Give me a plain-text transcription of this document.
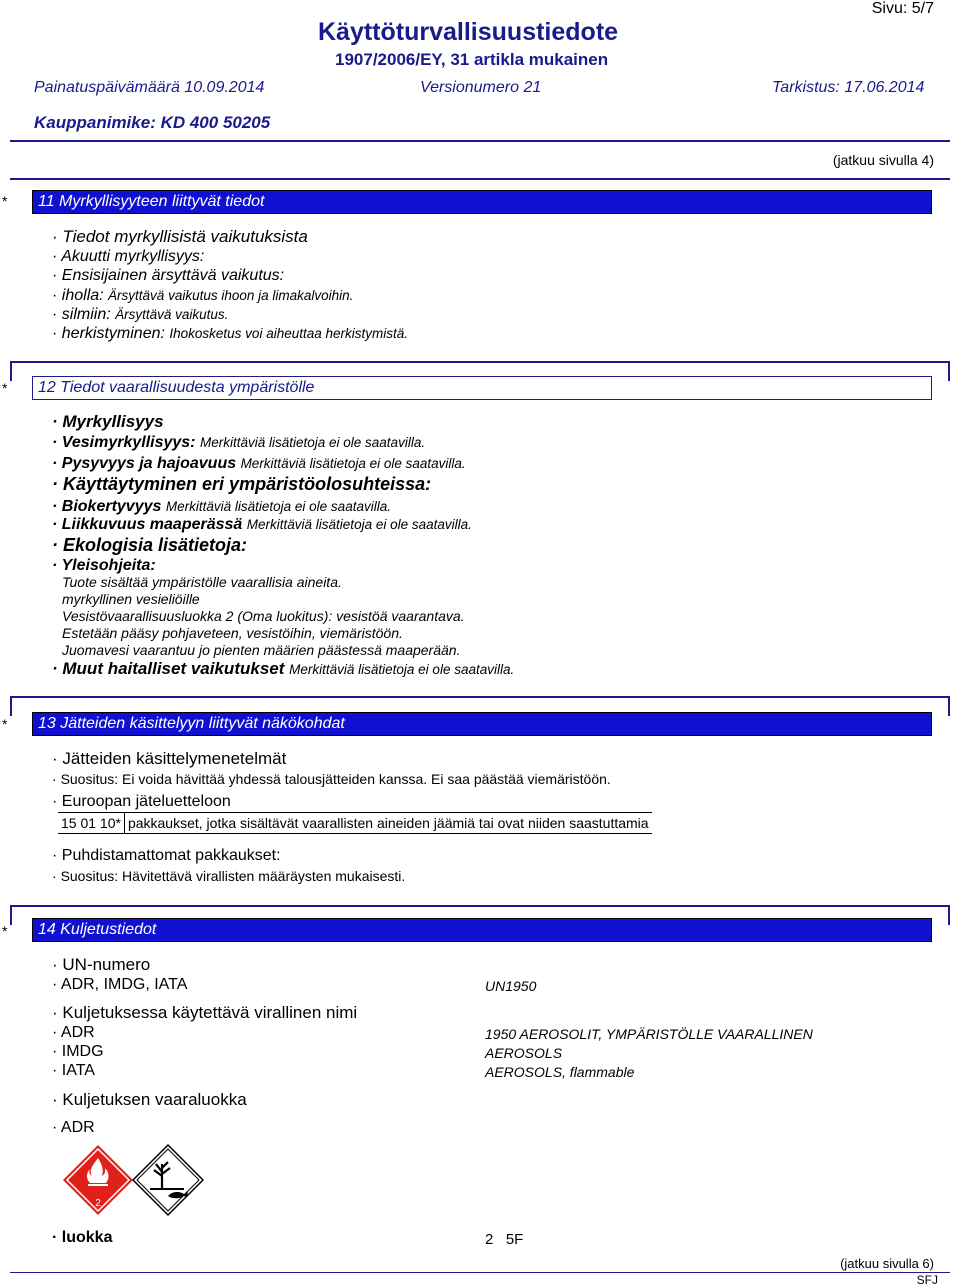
Sivu: 5/7
Käyttöturvallisuustiedote
1907/2006/EY, 31 artikla mukainen
Painatuspäivämäärä 10.09.2014	Versionumero 21	Tarkistus: 17.06.2014
Kauppanimike: KD 400 50205
(jatkuu sivulla 4)
* 11 Myrkyllisyyteen liittyvät tiedot
· Tiedot myrkyllisistä vaikutuksista
· Akuutti myrkyllisyys:
· Ensisijainen ärsyttävä vaikutus:
· iholla: Ärsyttävä vaikutus ihoon ja limakalvoihin.
· silmiin: Ärsyttävä vaikutus.
· herkistyminen: Ihokosketus voi aiheuttaa herkistymistä.
* 12 Tiedot vaarallisuudesta ympäristölle
· Myrkyllisyys
· Vesimyrkyllisyys: Merkittäviä lisätietoja ei ole saatavilla.
· Pysyvyys ja hajoavuus Merkittäviä lisätietoja ei ole saatavilla.
· Käyttäytyminen eri ympäristöolosuhteissa:
· Biokertyvyys Merkittäviä lisätietoja ei ole saatavilla.
· Liikkuvuus maaperässä Merkittäviä lisätietoja ei ole saatavilla.
· Ekologisia lisätietoja:
· Yleisohjeita:
Tuote sisältää ympäristölle vaarallisia aineita.
myrkyllinen vesieliöille
Vesistövaarallisuusluokka 2 (Oma luokitus): vesistöä vaarantava.
Estetään pääsy pohjaveteen, vesistöihin, viemäristöön.
Juomavesi vaarantuu jo pienten määrien päästessä maaperään.
· Muut haitalliset vaikutukset Merkittäviä lisätietoja ei ole saatavilla.
* 13 Jätteiden käsittelyyn liittyvät näkökohdat
· Jätteiden käsittelymenetelmät
· Suositus: Ei voida hävittää yhdessä talousjätteiden kanssa. Ei saa päästää viemäristöön.
· Euroopan jäteluetteloon
15 01 10*	pakkaukset, jotka sisältävät vaarallisten aineiden jäämiä tai ovat niiden saastuttamia
· Puhdistamattomat pakkaukset:
· Suositus: Hävitettävä virallisten määräysten mukaisesti.
* 14 Kuljetustiedot
· UN-numero
· ADR, IMDG, IATA	UN1950
· Kuljetuksessa käytettävä virallinen nimi
· ADR	1950 AEROSOLIT, YMPÄRISTÖLLE VAARALLINEN
· IMDG	AEROSOLS
· IATA	AEROSOLS, flammable
· Kuljetuksen vaaraluokka
· ADR
2
· luokka	2   5F
(jatkuu sivulla 6)
SFJ
